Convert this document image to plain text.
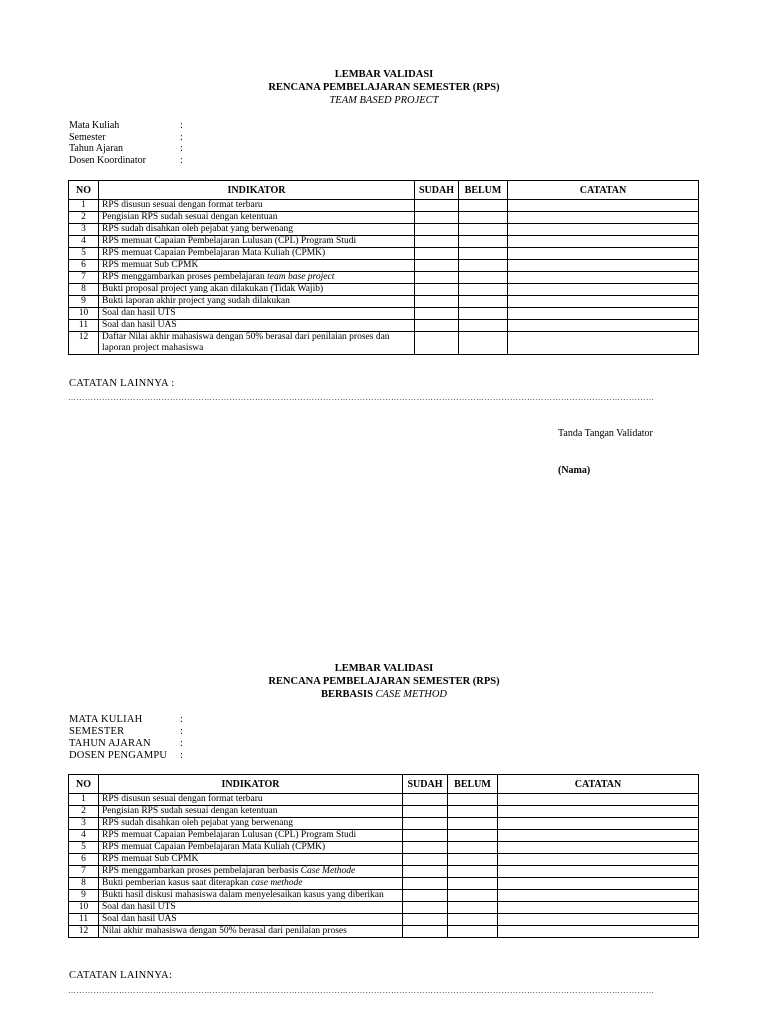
LEMBAR VALIDASI
RENCANA PEMBELAJARAN SEMESTER (RPS)
TEAM BASED PROJECT
Mata Kuliah	:
Semester	:
Tahun Ajaran	:
Dosen Koordinator	:
NO	INDIKATOR	SUDAH	BELUM	CATATAN
1	RPS disusun sesuai dengan format terbaru			
2	Pengisian RPS sudah sesuai dengan ketentuan			
3	RPS sudah disahkan oleh pejabat yang berwenang			
4	RPS memuat Capaian Pembelajaran Lulusan (CPL) Program Studi			
5	RPS memuat Capaian Pembelajaran Mata Kuliah (CPMK)			
6	RPS memuat Sub CPMK			
7	RPS menggambarkan proses pembelajaran team base project			
8	Bukti proposal project yang akan dilakukan (Tidak Wajib)			
9	Bukti laporan akhir project yang sudah dilakukan			
10	Soal dan hasil UTS			
11	Soal dan hasil UAS			
12	Daftar Nilai akhir mahasiswa dengan 50% berasal dari penilaian proses dan laporan project mahasiswa			
CATATAN LAINNYA :
………………………………………………………………………………………………………………………………………………………………………………………
Tanda Tangan Validator
(Nama)
LEMBAR VALIDASI
RENCANA PEMBELAJARAN SEMESTER (RPS)
BERBASIS CASE METHOD
MATA KULIAH	:
SEMESTER	:
TAHUN AJARAN	:
DOSEN PENGAMPU	:
NO	INDIKATOR	SUDAH	BELUM	CATATAN
1	RPS disusun sesuai dengan format terbaru			
2	Pengisian RPS sudah sesuai dengan ketentuan			
3	RPS sudah disahkan oleh pejabat yang berwenang			
4	RPS memuat Capaian Pembelajaran Lulusan (CPL) Program Studi			
5	RPS memuat Capaian Pembelajaran Mata Kuliah (CPMK)			
6	RPS memuat Sub CPMK			
7	RPS menggambarkan proses pembelajaran berbasis Case Methode			
8	Bukti pemberian kasus saat diterapkan case methode			
9	Bukti hasil diskusi mahasiswa dalam menyelesaikan kasus yang diberikan			
10	Soal dan hasil UTS			
11	Soal dan hasil UAS			
12	Nilai akhir mahasiswa dengan 50% berasal dari penilaian proses			
CATATAN LAINNYA:
………………………………………………………………………………………………………………………………………………………………………………………
